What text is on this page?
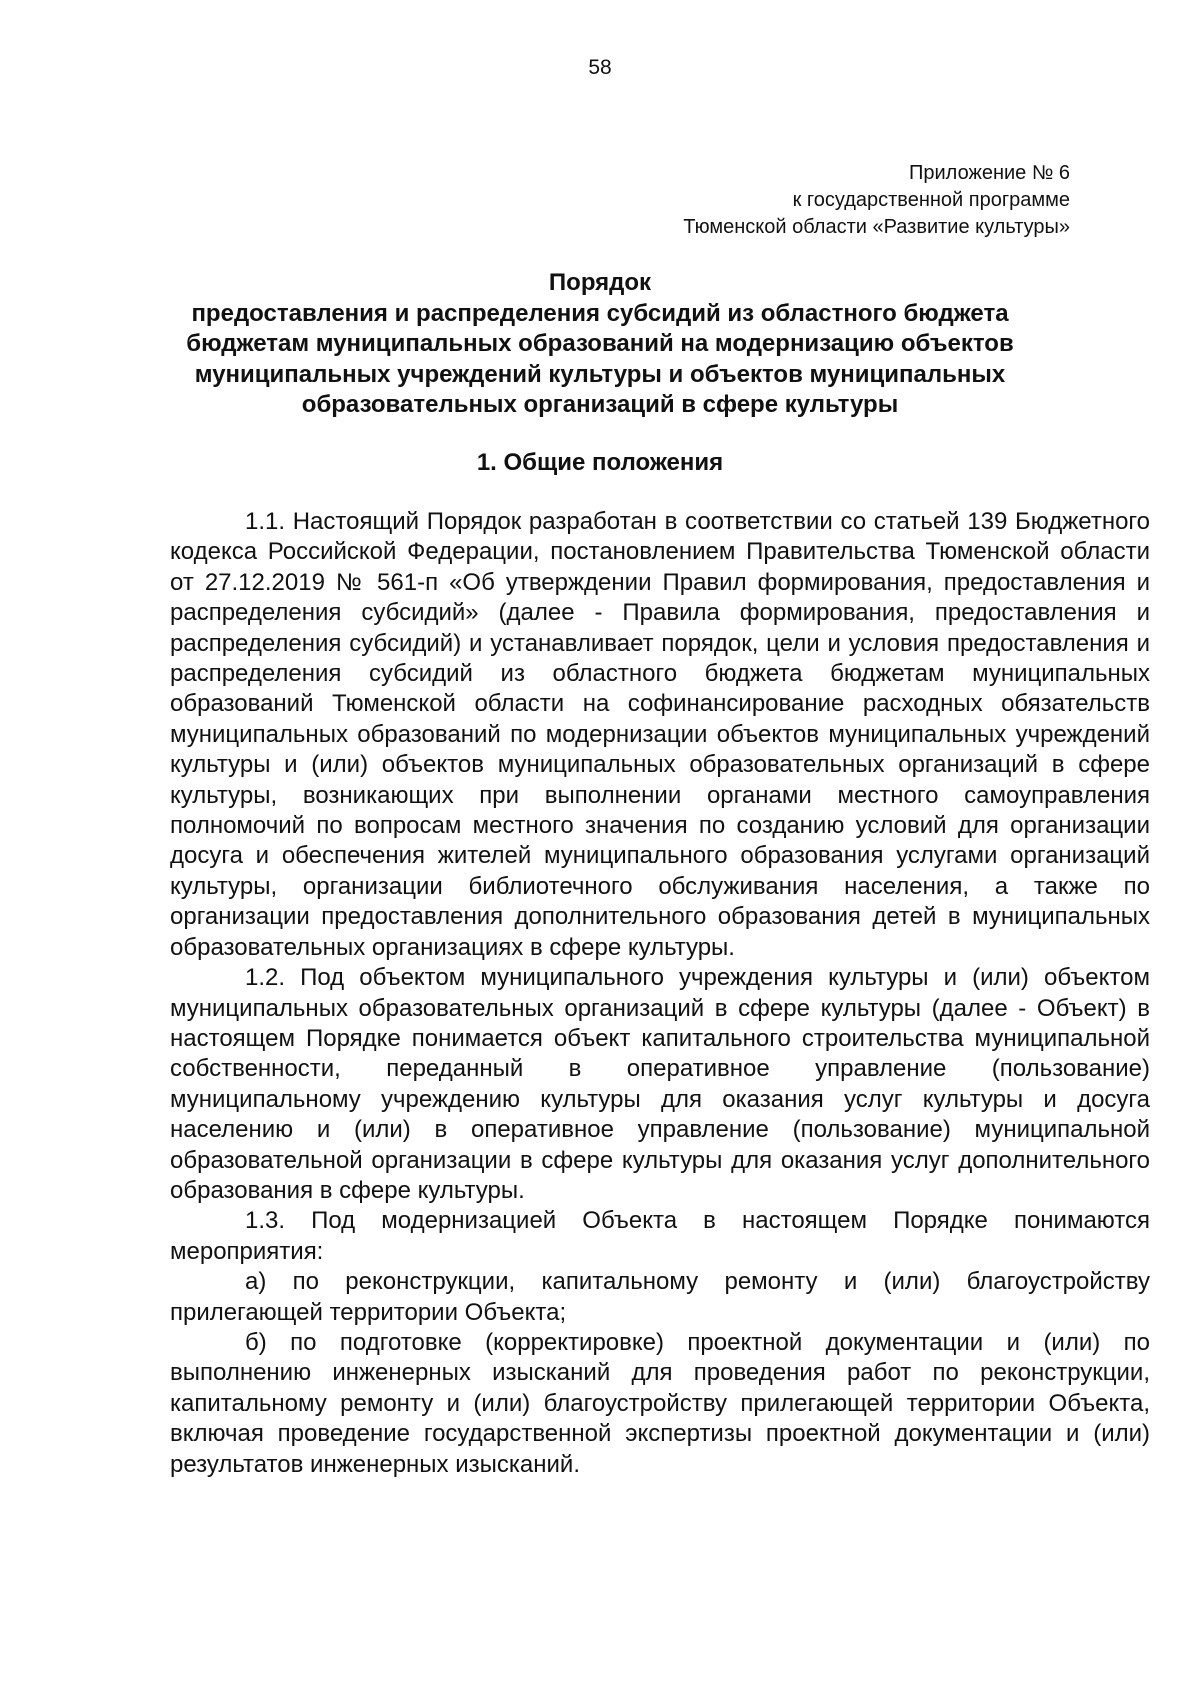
58
Приложение № 6
к государственной программе
Тюменской области «Развитие культуры»
Порядок
предоставления и распределения субсидий из областного бюджета
бюджетам муниципальных образований на модернизацию объектов
муниципальных учреждений культуры и объектов муниципальных
образовательных организаций в сфере культуры
1. Общие положения

1.1. Настоящий Порядок разработан в соответствии со статьей 139 Бюджетного кодекса Российской Федерации, постановлением Правительства Тюменской области от 27.12.2019 № 561-п «Об утверждении Правил формирования, предоставления и распределения субсидий» (далее - Правила формирования, предоставления и распределения субсидий) и устанавливает порядок, цели и условия предоставления и распределения субсидий из областного бюджета бюджетам муниципальных образований Тюменской области на софинансирование расходных обязательств муниципальных образований по модернизации объектов муниципальных учреждений культуры и (или) объектов муниципальных образовательных организаций в сфере культуры, возникающих при выполнении органами местного самоуправления полномочий по вопросам местного значения по созданию условий для организации досуга и обеспечения жителей муниципального образования услугами организаций культуры, организации библиотечного обслуживания населения, а также по организации предоставления дополнительного образования детей в муниципальных образовательных организациях в сфере культуры.

1.2. Под объектом муниципального учреждения культуры и (или) объектом муниципальных образовательных организаций в сфере культуры (далее - Объект) в настоящем Порядке понимается объект капитального строительства муниципальной собственности, переданный в оперативное управление (пользование) муниципальному учреждению культуры для оказания услуг культуры и досуга населению и (или) в оперативное управление (пользование) муниципальной образовательной организации в сфере культуры для оказания услуг дополнительного образования в сфере культуры.

1.3. Под модернизацией Объекта в настоящем Порядке понимаются мероприятия:

а) по реконструкции, капитальному ремонту и (или) благоустройству прилегающей территории Объекта;

б) по подготовке (корректировке) проектной документации и (или) по выполнению инженерных изысканий для проведения работ по реконструкции, капитальному ремонту и (или) благоустройству прилегающей территории Объекта, включая проведение государственной экспертизы проектной документации и (или) результатов инженерных изысканий.
